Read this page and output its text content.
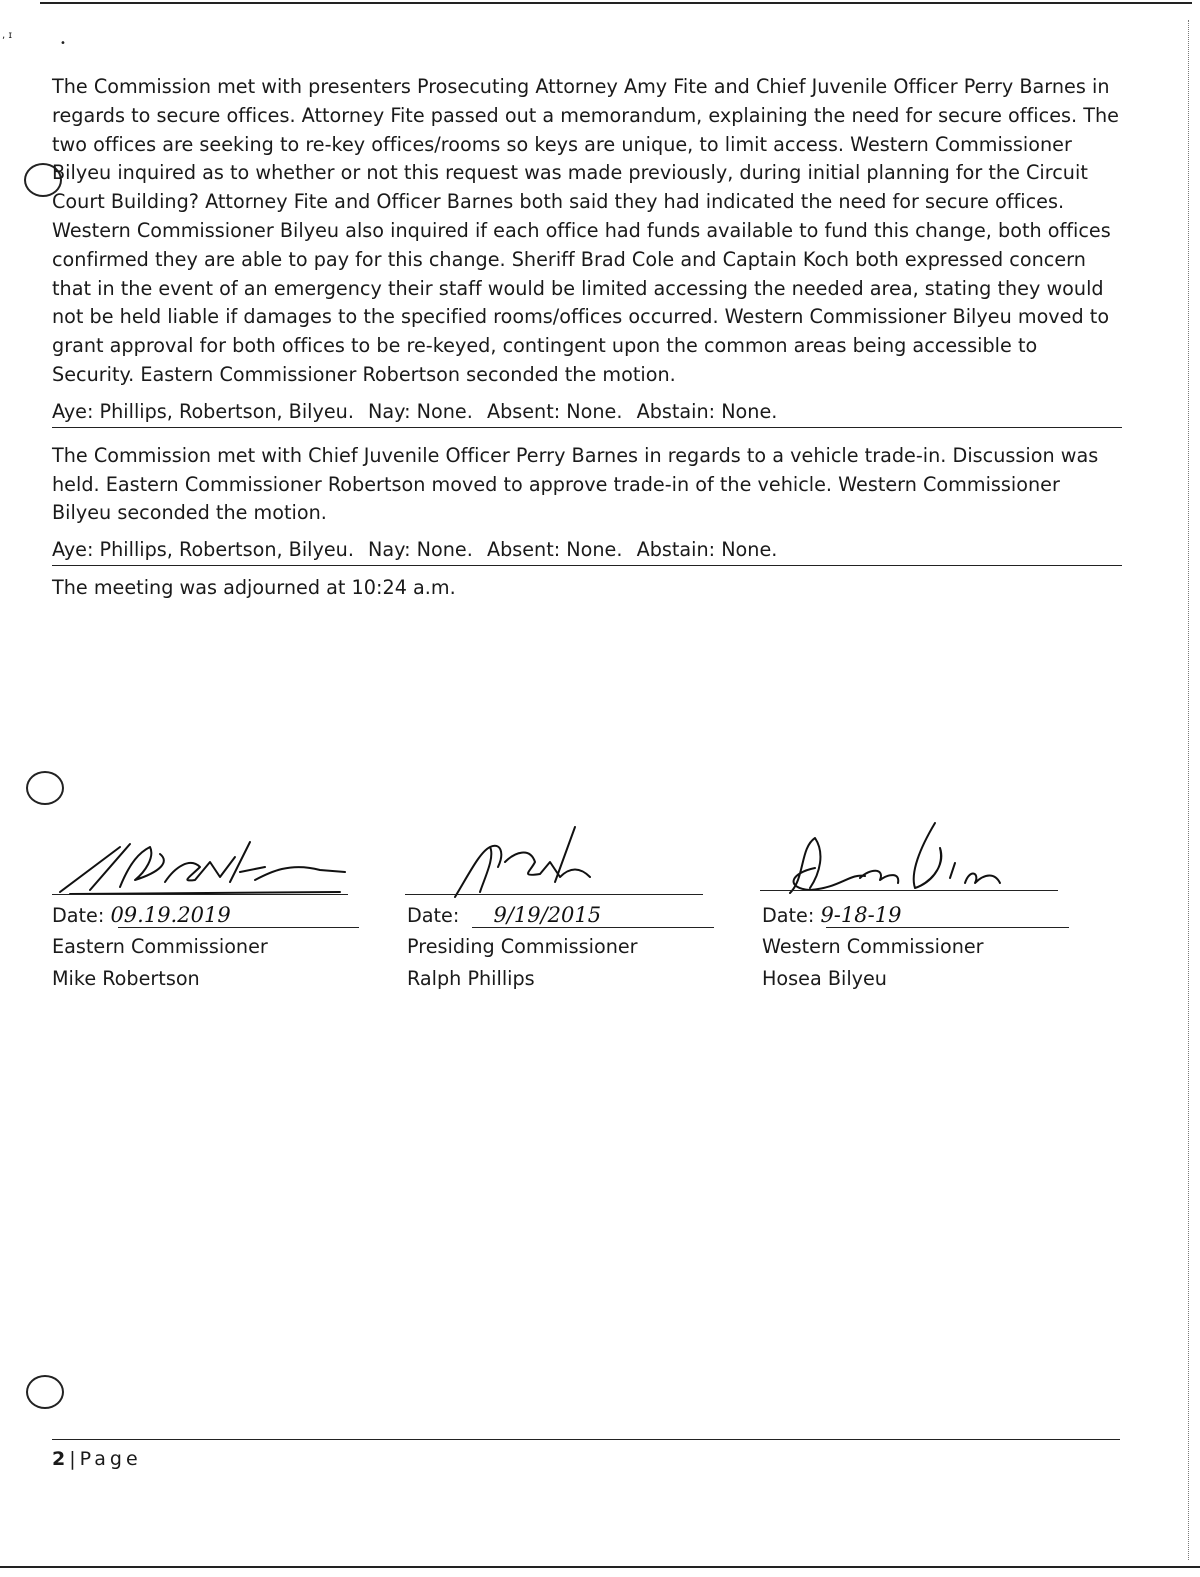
, ɪ
•

The Commission met with presenters Prosecuting Attorney Amy Fite and Chief Juvenile Officer Perry Barnes in regards to secure offices. Attorney Fite passed out a memorandum, explaining the need for secure offices. The two offices are seeking to re-key offices/rooms so keys are unique, to limit access. Western Commissioner Bilyeu inquired as to whether or not this request was made previously, during initial planning for the Circuit Court Building? Attorney Fite and Officer Barnes both said they had indicated the need for secure offices. Western Commissioner Bilyeu also inquired if each office had funds available to fund this change, both offices confirmed they are able to pay for this change. Sheriff Brad Cole and Captain Koch both expressed concern that in the event of an emergency their staff would be limited accessing the needed area, stating they would not be held liable if damages to the specified rooms/offices occurred. Western Commissioner Bilyeu moved to grant approval for both offices to be re-keyed, contingent upon the common areas being accessible to Security. Eastern Commissioner Robertson seconded the motion.

Aye: Phillips, Robertson, Bilyeu. Nay: None. Absent: None. Abstain: None.

The Commission met with Chief Juvenile Officer Perry Barnes in regards to a vehicle trade-in. Discussion was held. Eastern Commissioner Robertson moved to approve trade-in of the vehicle. Western Commissioner Bilyeu seconded the motion.

Aye: Phillips, Robertson, Bilyeu. Nay: None. Absent: None. Abstain: None.

The meeting was adjourned at 10:24 a.m.

Date: 09.19.2019
Eastern Commissioner
Mike Robertson
Date: 9/19/2015
Presiding Commissioner
Ralph Phillips
Date: 9-18-19
Western Commissioner
Hosea Bilyeu
2 | Page
